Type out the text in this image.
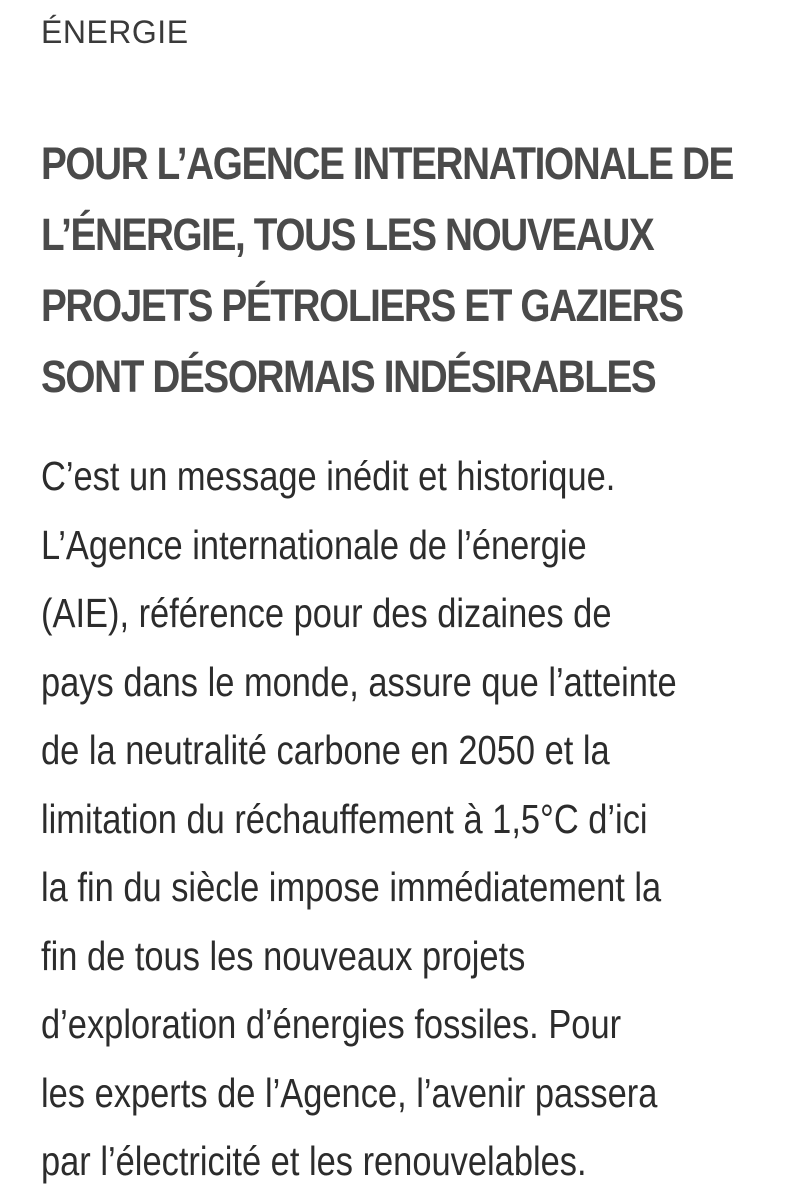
ÉNERGIE
POUR L’AGENCE INTERNATIONALE DE
L’ÉNERGIE, TOUS LES NOUVEAUX
PROJETS PÉTROLIERS ET GAZIERS
SONT DÉSORMAIS INDÉSIRABLES

C’est un message inédit et historique.
L’Agence internationale de l’énergie
(AIE), référence pour des dizaines de
pays dans le monde, assure que l’atteinte
de la neutralité carbone en 2050 et la
limitation du réchauffement à 1,5°C d’ici
la fin du siècle impose immédiatement la
fin de tous les nouveaux projets
d’exploration d’énergies fossiles. Pour
les experts de l’Agence, l’avenir passera
par l’électricité et les renouvelables.
